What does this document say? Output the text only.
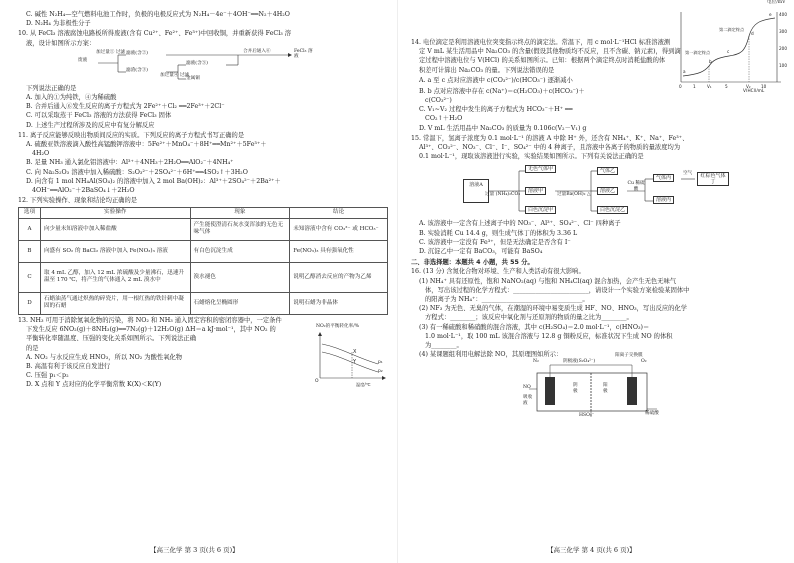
C. 碱性 N₂H₄—空气燃料电池工作时，负极的电极反应式为 N₂H₄－4e⁻＋4OH⁻══N₂＋4H₂O
D. N₂H₄ 为非极性分子
10. 从 FeCl₃ 溶液腐蚀电路板所得废液(含有 Cu²⁺、Fe²⁺、Fe³⁺)中回收铜，并重新获得 FeCl₃ 溶
液，设计如图所示方案：
废液
加过量① 过滤 滤液(含②)
滤渣(含③)
加过量④ 过滤
滤液(含⑤)
金属铜
合并后通入⑥	FeCl₃ 溶液
下列说法正确的是
A. 加入的①为纯铁，④为稀硫酸
B. 合并后通入⑥发生反应的离子方程式为 2Fe²⁺＋Cl₂ ══2Fe³⁺＋2Cl⁻
C. 可以采取蒸干 FeCl₃ 溶液的方法获得 FeCl₃ 固体
D. 上述生产过程所涉及的反应中有复分解反应
11. 离子反应能够反映出物质间反应的实质。下列反应的离子方程式书写正确的是
A. 硫酸亚铁溶液滴入酸性高锰酸钾溶液中：5Fe²⁺＋MnO₄⁻＋8H⁺══Mn²⁺＋5Fe³⁺＋
4H₂O
B. 足量 NH₃ 通入氯化铝溶液中：Al³⁺＋4NH₃＋2H₂O══AlO₂⁻＋4NH₄⁺
C. 向 Na₂S₂O₃ 溶液中加入稀硫酸：S₂O₃²⁻＋2SO₄²⁻＋6H⁺══4SO₂↑＋3H₂O
D. 向含有 1 mol NH₄Al(SO₄)₂ 的溶液中加入 2 mol Ba(OH)₂：Al³⁺＋2SO₄²⁻＋2Ba²⁺＋
4OH⁻══AlO₂⁻＋2BaSO₄↓＋2H₂O
12. 下列实验操作、现象和结论均正确的是
选项	实验操作	现象	结论
A	向少量未知溶液中加入稀盐酸	产生能使澄清石灰水变浑浊的无色无味气体	未知溶液中含有 CO₃²⁻ 或 HCO₃⁻
B	向盛有 SO₂ 的 BaCl₂ 溶液中加入 Fe(NO₃)₃ 溶液	有白色沉淀生成	Fe(NO₃)₃ 具有强氧化性
C	取 4 mL 乙醇，加入 12 mL 浓硫酸及少量沸石，迅速升温至 170 ℃，将产生的气体通入 2 mL 溴水中	溴水褪色	说明乙醇消去反应的产物为乙烯
D	石蜡油蒸气通过炽热的碎瓷片，用一根红热的铁针刺中凝固的石蜡	石蜡熔化呈椭圆形	说明石蜡为非晶体
13. NH₃ 可用于消除氮氧化物的污染，将 NO₂ 和 NH₃ 通入固定容积的密闭容器中，一定条件
下发生反应 6NO₂(g)＋8NH₃(g)══7N₂(g)＋12H₂O(g) ΔH＝a kJ·mol⁻¹，其中 NO₂ 的
平衡转化率随温度、压强的变化关系如图所示。下列说法正确
的是
A. NO₂ 与水反应生成 HNO₃，所以 NO₂ 为酸性氧化物
B. 高温有利于该反应自发进行
C. 压强 p₁＜p₂
D. X 点和 Y 点对应的化学平衡常数 K(X)＜K(Y)
X
Y	p₁
p₂
O
温度/℃
NO₂的平衡转化率/%
【高三化学 第 3 页(共 6 页)】
14. 电位滴定是利用溶液电位突变指示终点的滴定法。常温下，用 c mol·L⁻¹HCl 标准溶液测
定 V mL 某生活用品中 Na₂CO₃ 的含量(假设其他物质均不反应，且不含碳、钠元素)，得到滴
定过程中溶液电位与 V(HCl) 的关系如图所示。已知：根据两个滴定终点时消耗盐酸的体
积差可计算出 Na₂CO₃ 的量。下列说法错误的是
A. a 至 c 点对应溶液中 c(CO₃²⁻)/c(HCO₃⁻) 逐渐减小
B. b 点对应溶液中存在 c(Na⁺)＝c(H₂CO₃)＋c(HCO₃⁻)＋
c(CO₃²⁻)
C. V₁~V₂ 过程中发生的离子方程式为 HCO₃⁻＋H⁺ ══
CO₂↑＋H₂O
D. V mL 生活用品中 Na₂CO₃ 的质量为 0.106c(V₂－V₁) g
400
300
200
100
a
b
c
d
e
0	1	V₁	5	V₂ 10
第二滴定终点
第一滴定终点
V(HCl)/mL
电位/mV
15. 常温下，氢离子浓度为 0.1 mol·L⁻¹ 的溶液 A 中除 H⁺ 外，还含有 NH₄⁺、K⁺、Na⁺、Fe³⁺、
Al³⁺、CO₃²⁻、NO₃⁻、Cl⁻、I⁻、SO₄²⁻ 中的 4 种离子，且溶液中各离子的物质的量浓度均为
0.1 mol·L⁻¹，现取该溶液进行实验，实验结果如图所示。下列有关说法正确的是
溶液A
过量 (NH₄)₂CO₃
无色气体甲
溶液甲
白色沉淀甲
过量Ba(OH)₂ △
气体乙
溶液乙
白色沉淀乙
Cu 稀硫酸
气体丙
溶液丙
空气	红棕色气体丁
A. 该溶液中一定含有上述离子中的 NO₃⁻、Al³⁺、SO₄²⁻、Cl⁻ 四种离子
B. 实验消耗 Cu 14.4 g，则生成气体丁的体积为 3.36 L
C. 该溶液中一定没有 Fe³⁺，但是无法确定是否含有 I⁻
D. 沉淀乙中一定有 BaCO₃，可能有 BaSO₄
二、非选择题：本题共 4 小题，共 55 分。
16. (13 分) 含氮化合物对环境、生产和人类活动有很大影响。
(1) NH₄⁺ 具有还原性，饱和 NaNO₂(aq) 与饱和 NH₄Cl(aq) 混合加热，会产生无色无味气
体，写出该过程的化学方程式：________________________，请设计一个实验方案检验某固体中
的阳离子为 NH₄⁺：________________________________。
(2) NF₃ 为无色、无臭的气体，在潮湿的环境中易变质生成 HF、NO、HNO₃，写出反应的化学
方程式：________；该反应中氧化剂与还原剂的物质的量之比为________。
(3) 有一稀硫酸和稀硝酸的混合溶液，其中 c(H₂SO₄)＝2.0 mol·L⁻¹，c(HNO₃)＝
1.0 mol·L⁻¹，取 100 mL 该混合溶液与 12.8 g 铜粉反应，标准状况下生成 NO 的体积
为________。
(4) 某课题组利用电解法除 NO，其原理图如所示：
N₂	阴极液(S₂O₄²⁻)
阳离子交换膜
O₂
NO
吸收液
阴极
阳极
HSO₃⁻	稀硫酸
【高三化学 第 4 页(共 6 页)】
